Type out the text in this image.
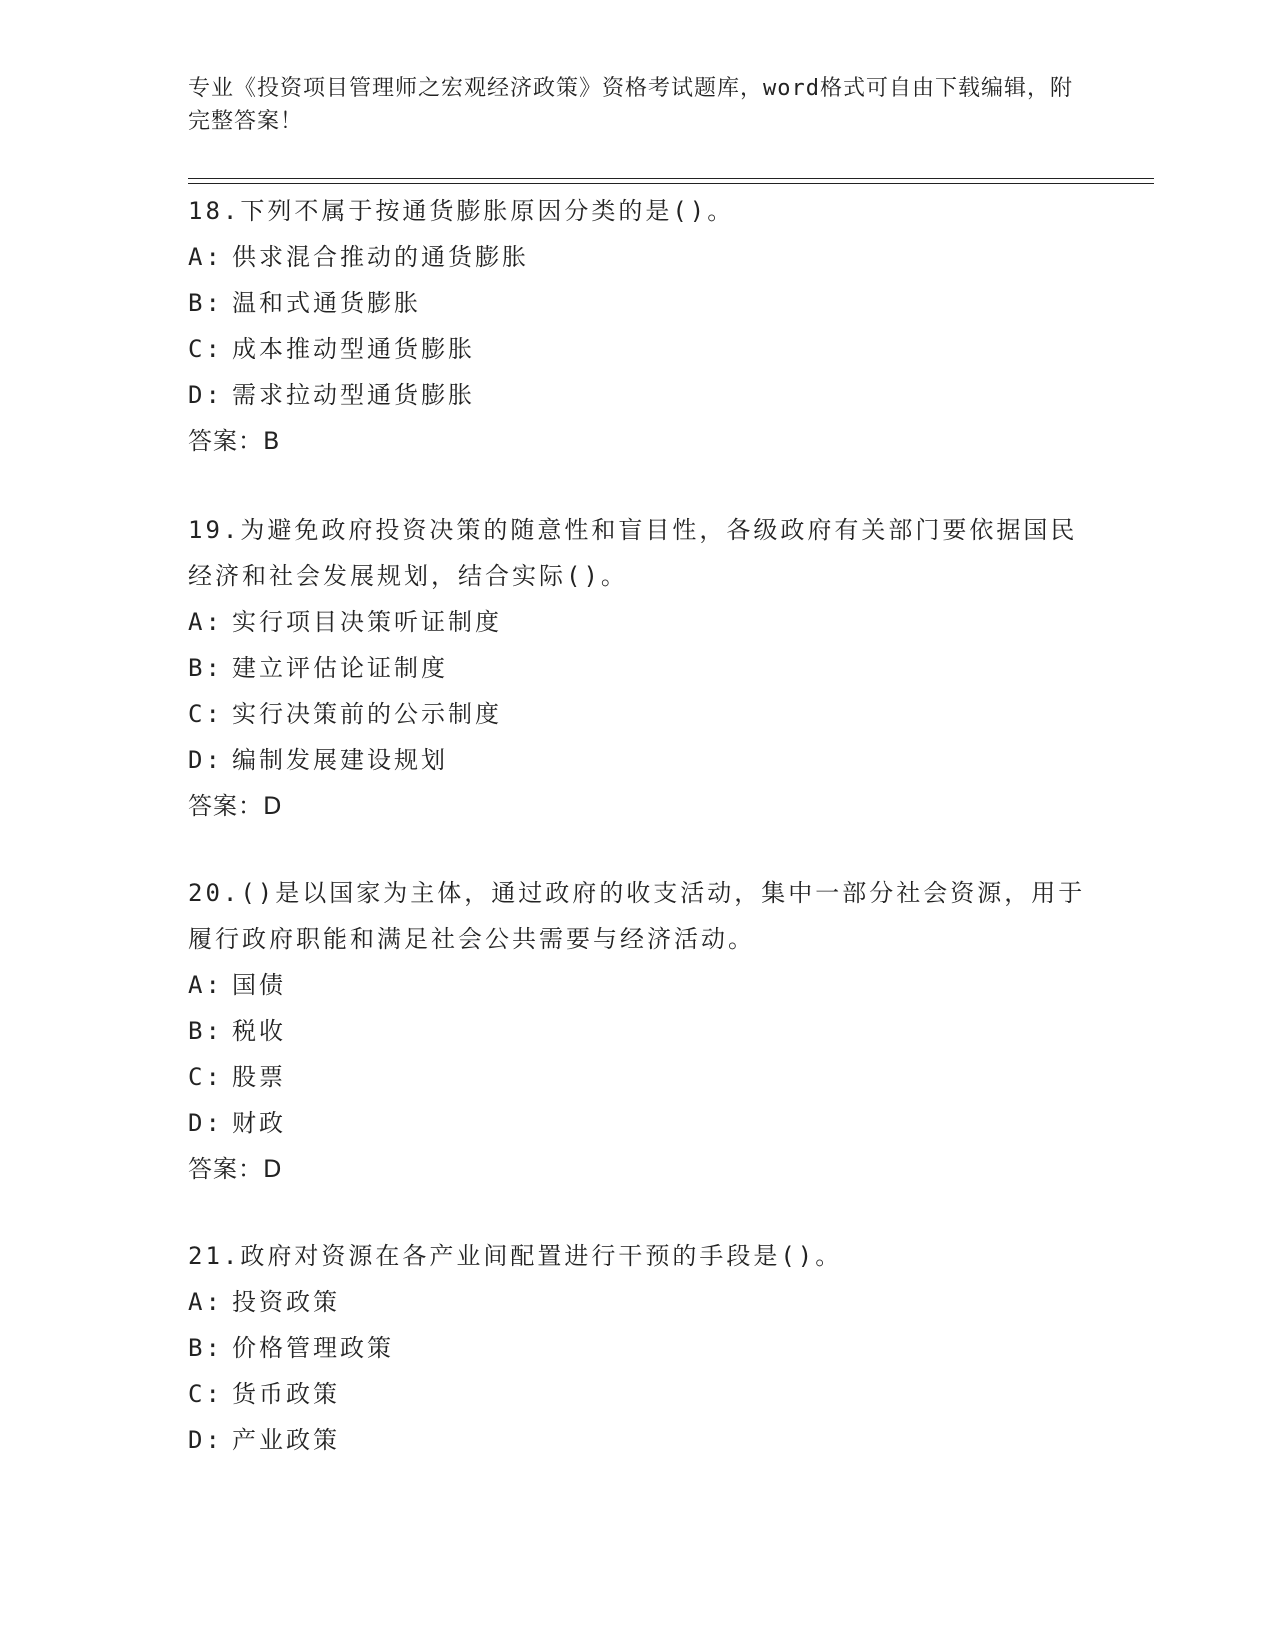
专业《投资项目管理师之宏观经济政策》资格考试题库，word格式可自由下载编辑，附完整答案！

18.下列不属于按通货膨胀原因分类的是()。

A: 供求混合推动的通货膨胀
B: 温和式通货膨胀
C: 成本推动型通货膨胀
D: 需求拉动型通货膨胀
答案：B

19.为避免政府投资决策的随意性和盲目性，各级政府有关部门要依据国民经济和社会发展规划，结合实际()。

A: 实行项目决策听证制度
B: 建立评估论证制度
C: 实行决策前的公示制度
D: 编制发展建设规划
答案：D

20.()是以国家为主体，通过政府的收支活动，集中一部分社会资源，用于履行政府职能和满足社会公共需要与经济活动。

A: 国债
B: 税收
C: 股票
D: 财政
答案：D

21.政府对资源在各产业间配置进行干预的手段是()。

A: 投资政策
B: 价格管理政策
C: 货币政策
D: 产业政策
